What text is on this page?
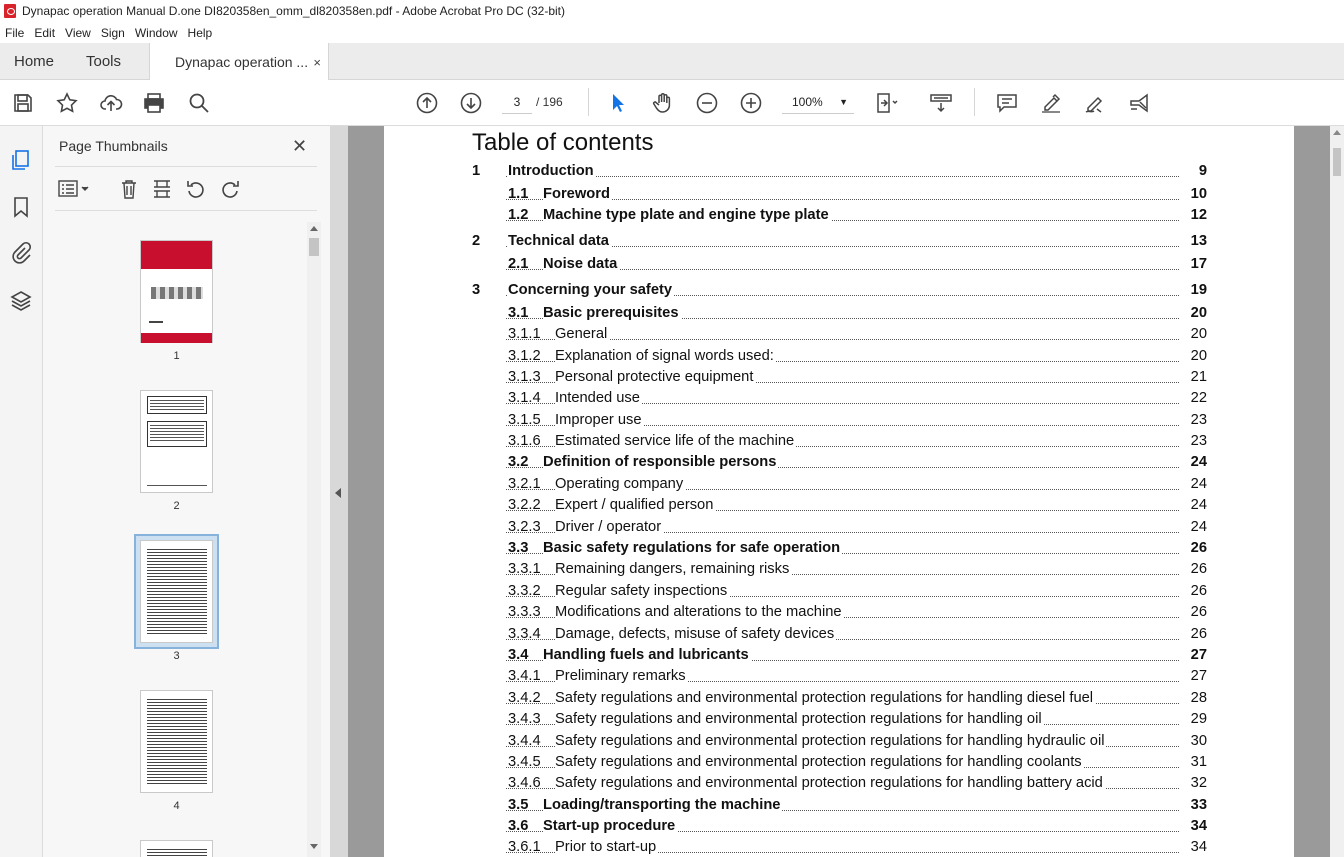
Dynapac operation Manual D.one DI820358en_omm_dl820358en.pdf - Adobe Acrobat Pro DC (32-bit)
File Edit View Sign Window Help
Home Tools	Dynapac operation ... ×
3	/ 196	100% ▼
Page Thumbnails	✕
1
2
3
4
Table of contents
1 Introduction	9
1.1 Foreword	10
1.2 Machine type plate and engine type plate	12
2 Technical data	13
2.1 Noise data	17
3 Concerning your safety	19
3.1 Basic prerequisites	20
3.1.1 General	20
3.1.2 Explanation of signal words used:	20
3.1.3 Personal protective equipment	21
3.1.4 Intended use	22
3.1.5 Improper use	23
3.1.6 Estimated service life of the machine	23
3.2 Definition of responsible persons	24
3.2.1 Operating company	24
3.2.2 Expert / qualified person	24
3.2.3 Driver / operator	24
3.3 Basic safety regulations for safe operation	26
3.3.1 Remaining dangers, remaining risks	26
3.3.2 Regular safety inspections	26
3.3.3 Modifications and alterations to the machine	26
3.3.4 Damage, defects, misuse of safety devices	26
3.4 Handling fuels and lubricants	27
3.4.1 Preliminary remarks	27
3.4.2 Safety regulations and environmental protection regulations for handling diesel fuel	28
3.4.3 Safety regulations and environmental protection regulations for handling oil	29
3.4.4 Safety regulations and environmental protection regulations for handling hydraulic oil	30
3.4.5 Safety regulations and environmental protection regulations for handling coolants	31
3.4.6 Safety regulations and environmental protection regulations for handling battery acid	32
3.5 Loading/transporting the machine	33
3.6 Start-up procedure	34
3.6.1 Prior to start-up	34
